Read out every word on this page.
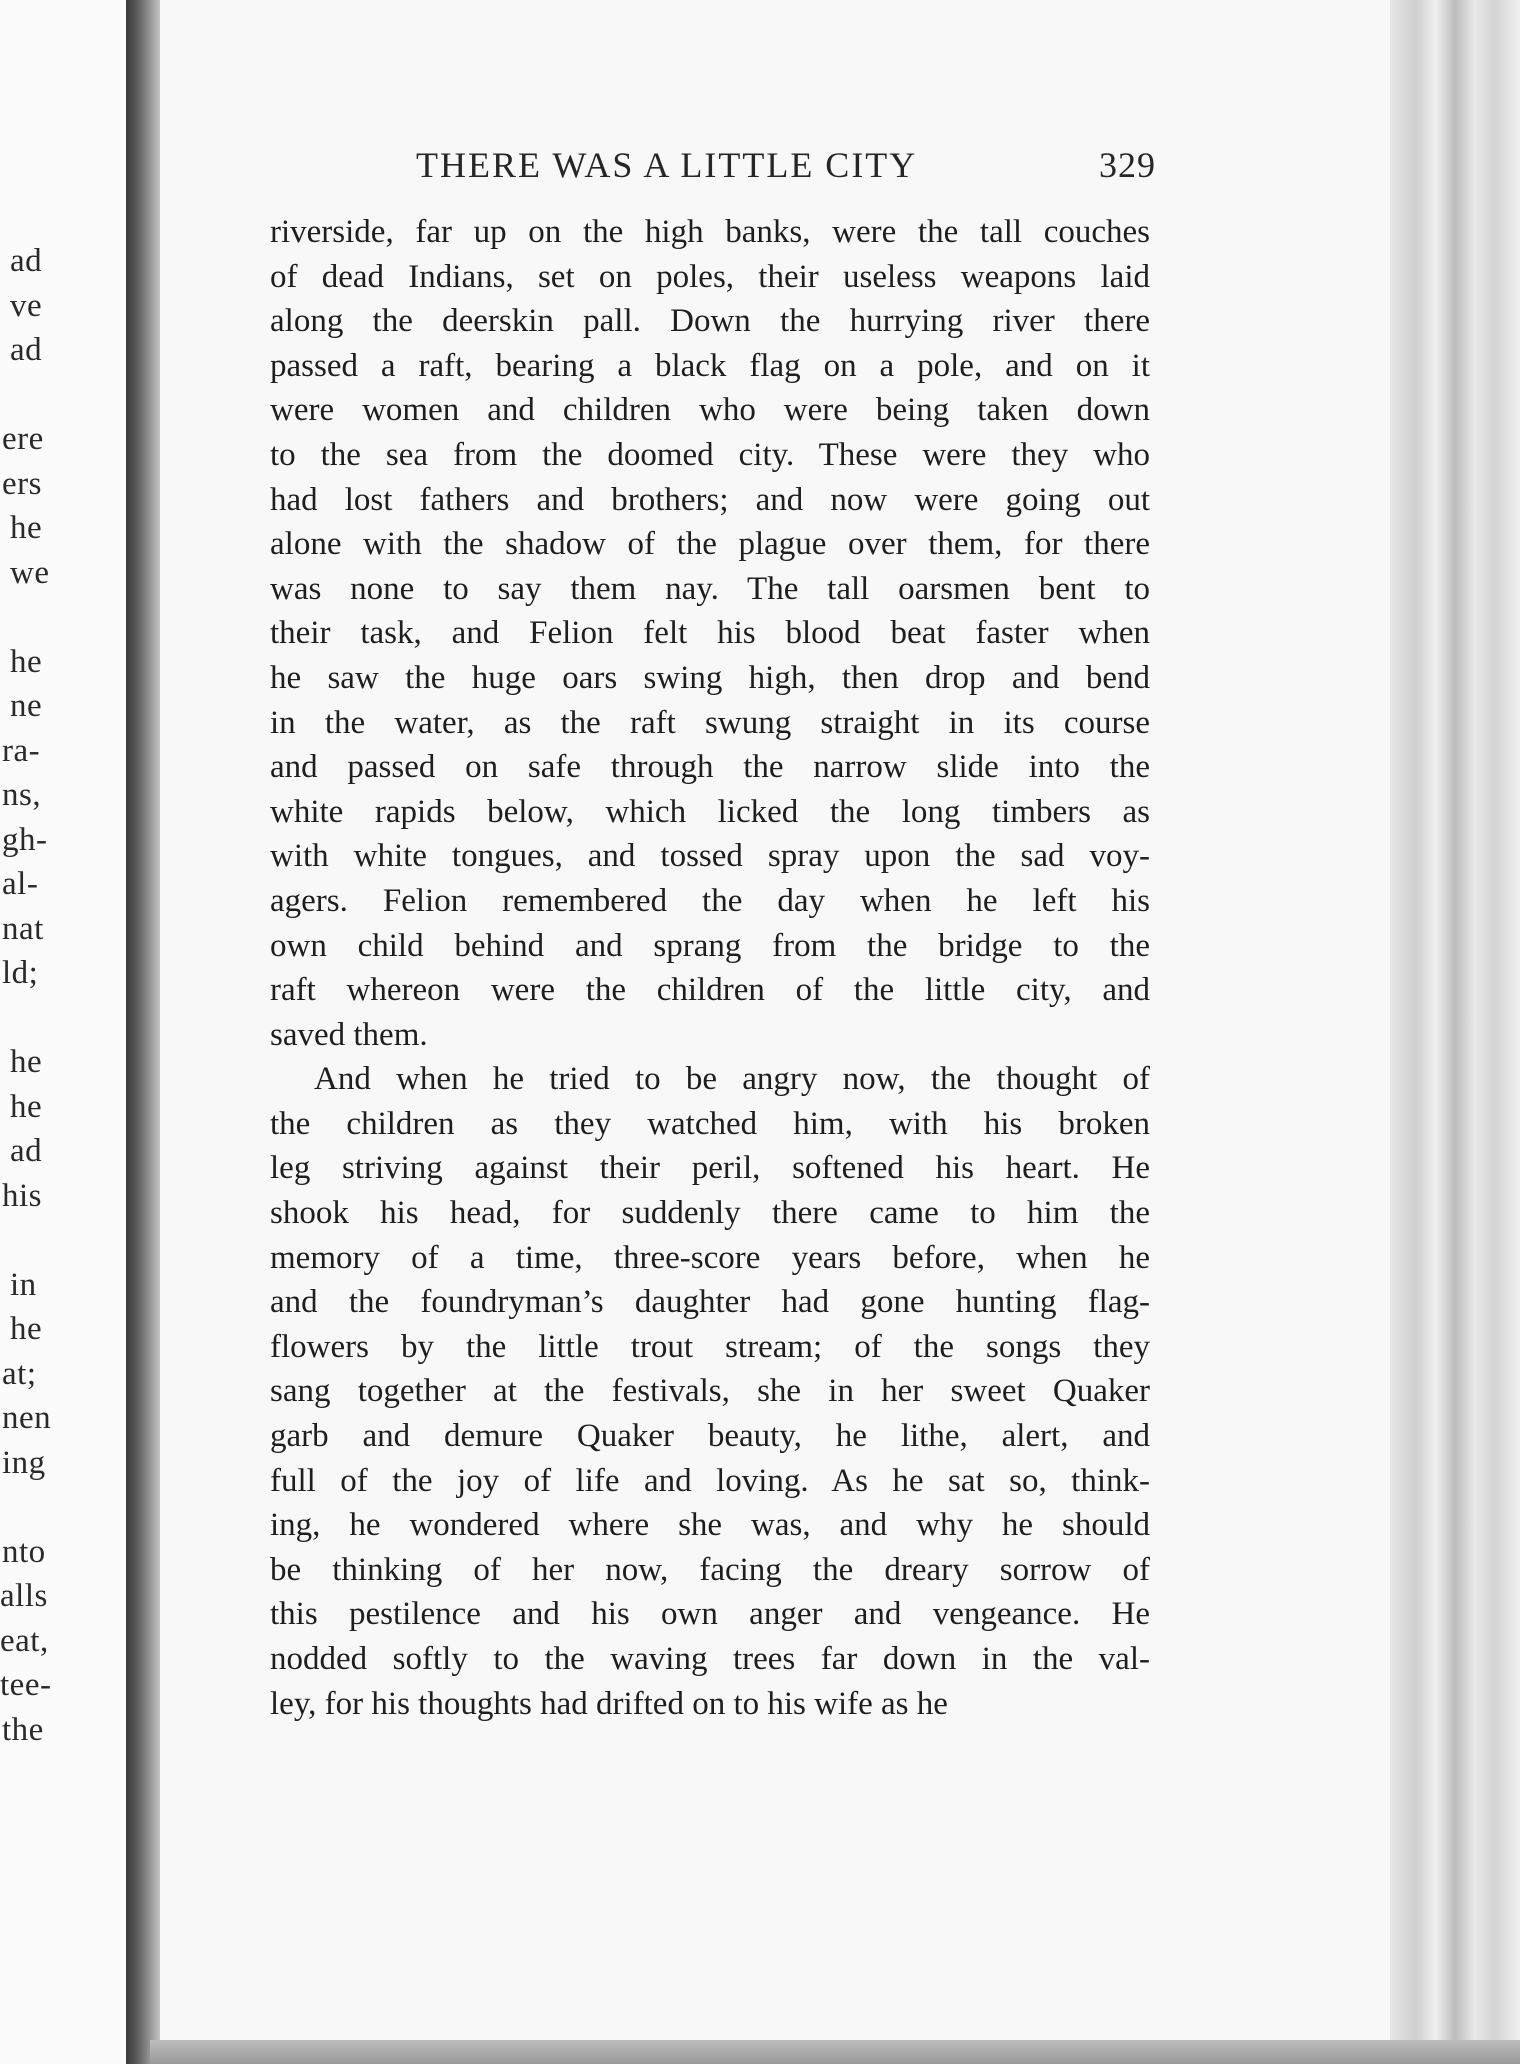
ad
ve
ad
ere
ers
he
we
he
ne
ra-
ns,
gh-
al-
nat
ld;
he
he
ad
his
in
he
at;
nen
ing
nto
alls
eat,
tee-
the
THERE WAS A LITTLE CITY	329
riverside, far up on the high banks, were the tall couches
of dead Indians, set on poles, their useless weapons laid
along the deerskin pall. Down the hurrying river there
passed a raft, bearing a black flag on a pole, and on it
were women and children who were being taken down
to the sea from the doomed city. These were they who
had lost fathers and brothers; and now were going out
alone with the shadow of the plague over them, for there
was none to say them nay. The tall oarsmen bent to
their task, and Felion felt his blood beat faster when
he saw the huge oars swing high, then drop and bend
in the water, as the raft swung straight in its course
and passed on safe through the narrow slide into the
white rapids below, which licked the long timbers as
with white tongues, and tossed spray upon the sad voy-
agers. Felion remembered the day when he left his
own child behind and sprang from the bridge to the
raft whereon were the children of the little city, and
saved them.
And when he tried to be angry now, the thought of
the children as they watched him, with his broken
leg striving against their peril, softened his heart. He
shook his head, for suddenly there came to him the
memory of a time, three-score years before, when he
and the foundryman’s daughter had gone hunting flag-
flowers by the little trout stream; of the songs they
sang together at the festivals, she in her sweet Quaker
garb and demure Quaker beauty, he lithe, alert, and
full of the joy of life and loving. As he sat so, think-
ing, he wondered where she was, and why he should
be thinking of her now, facing the dreary sorrow of
this pestilence and his own anger and vengeance. He
nodded softly to the waving trees far down in the val-
ley, for his thoughts had drifted on to his wife as he
